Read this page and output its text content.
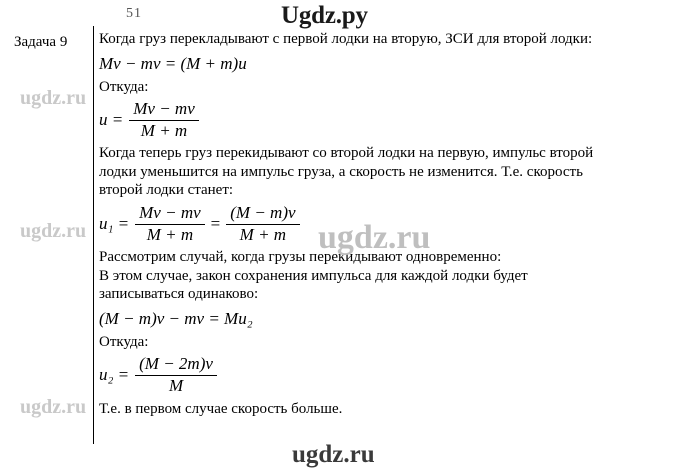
Ugdz.py
51
Задача 9 Когда груз перекладывают с первой лодки на вторую, ЗСИ для второй лодки:

Mv − mv = (M + m)u

Откуда:

$u = \frac{Mv - mv}{M + m}$

Когда теперь груз перекидывают со второй лодки на первую, импульс второй лодки уменьшится на импульс груза, а скорость не изменится. Т.е. скорость второй лодки станет:

$u_1 = \frac{Mv - mv}{M + m} = \frac{(M - m)v}{M + m}$

Рассмотрим случай, когда грузы перекидывают одновременно:

В этом случае, закон сохранения импульса для каждой лодки будет записываться одинаково:

(M − m)v − mv = Mu₂

Откуда:

$u_2 = \frac{(M - 2m)v}{M}$

Т.е. в первом случае скорость больше.

ugdz.ru
ugdz.ru
ugdz.ru
ugdz.ru
ugdz.ru
